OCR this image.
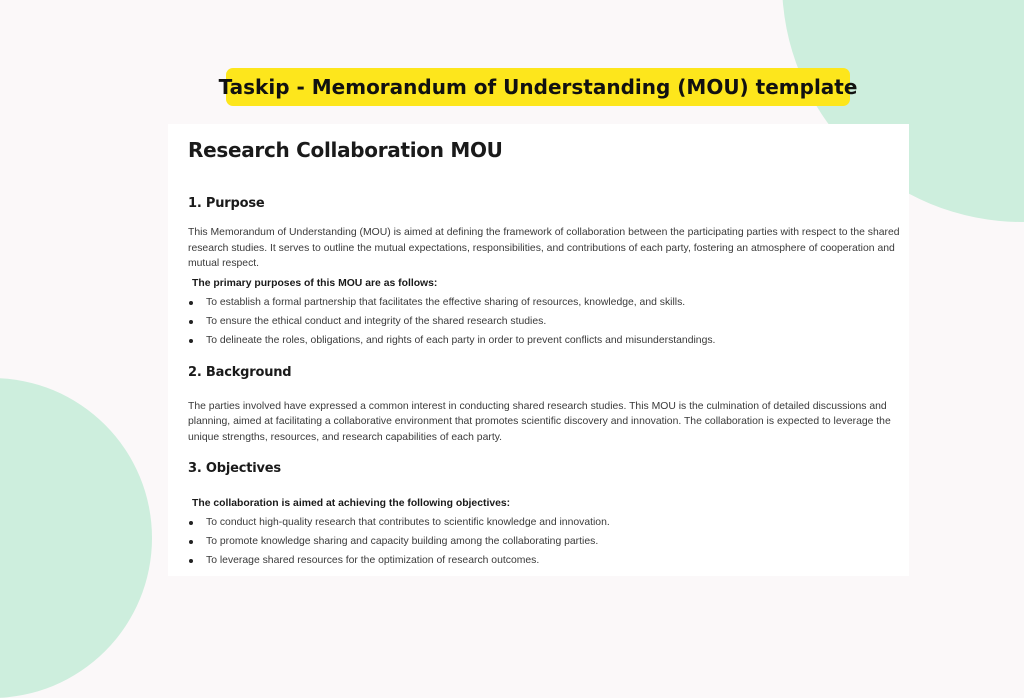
Taskip - Memorandum of Understanding (MOU) template
Research Collaboration MOU
1. Purpose

This Memorandum of Understanding (MOU) is aimed at defining the framework of collaboration between the participating parties with respect to the shared research studies. It serves to outline the mutual expectations, responsibilities, and contributions of each party, fostering an atmosphere of cooperation and mutual respect.

The primary purposes of this MOU are as follows:

To establish a formal partnership that facilitates the effective sharing of resources, knowledge, and skills.
To ensure the ethical conduct and integrity of the shared research studies.
To delineate the roles, obligations, and rights of each party in order to prevent conflicts and misunderstandings.
2. Background

The parties involved have expressed a common interest in conducting shared research studies. This MOU is the culmination of detailed discussions and planning, aimed at facilitating a collaborative environment that promotes scientific discovery and innovation. The collaboration is expected to leverage the unique strengths, resources, and research capabilities of each party.

3. Objectives

The collaboration is aimed at achieving the following objectives:

To conduct high-quality research that contributes to scientific knowledge and innovation.
To promote knowledge sharing and capacity building among the collaborating parties.
To leverage shared resources for the optimization of research outcomes.
